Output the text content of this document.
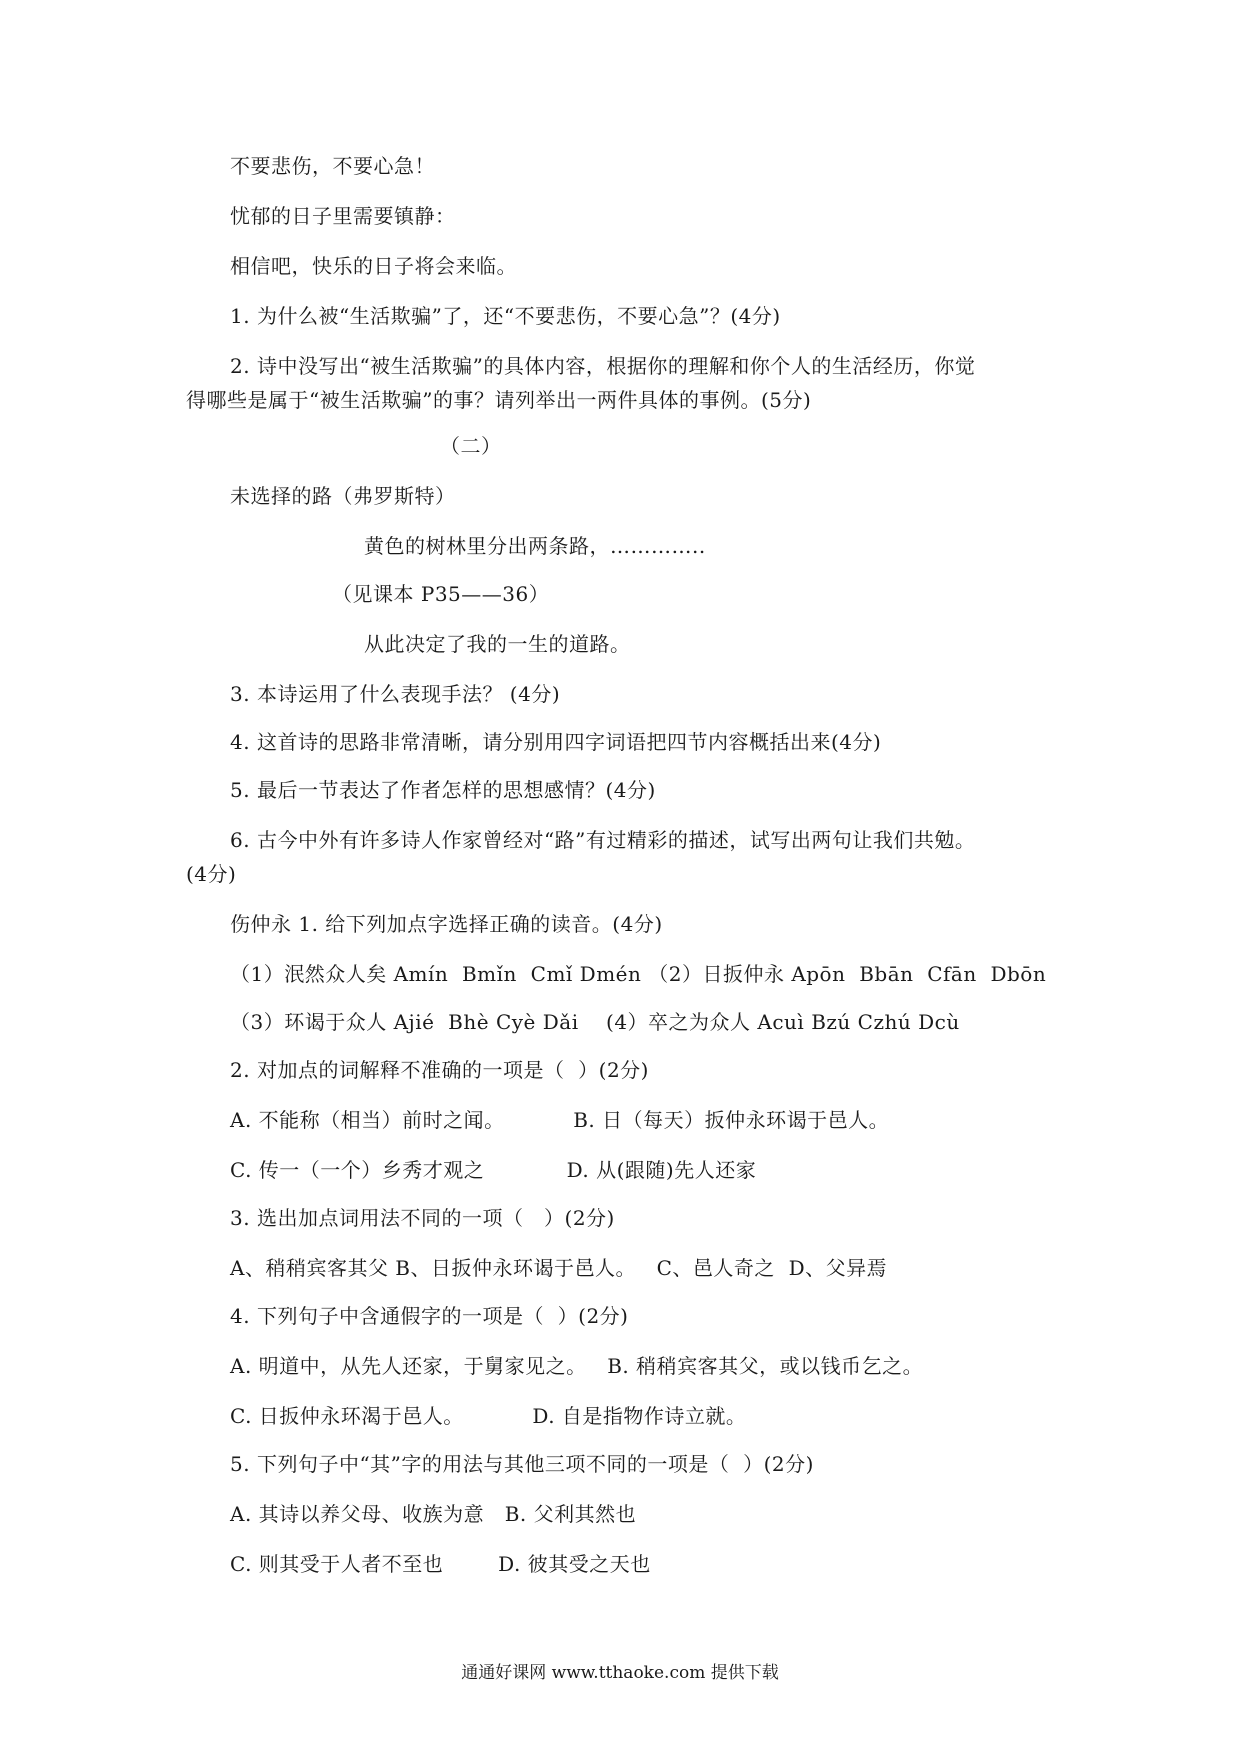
不要悲伤，不要心急！
忧郁的日子里需要镇静：
相信吧，快乐的日子将会来临。
1. 为什么被“生活欺骗”了，还“不要悲伤，不要心急”？(4分)
2. 诗中没写出“被生活欺骗”的具体内容，根据你的理解和你个人的生活经历，你觉
得哪些是属于“被生活欺骗”的事？请列举出一两件具体的事例。(5分)
（二）
未选择的路（弗罗斯特）
黄色的树林里分出两条路，…………..
（见课本 P35——36）
从此决定了我的一生的道路。
3. 本诗运用了什么表现手法？ (4分)
4. 这首诗的思路非常清晰，请分别用四字词语把四节内容概括出来(4分)
5. 最后一节表达了作者怎样的思想感情？(4分)
6. 古今中外有许多诗人作家曾经对“路”有过精彩的描述，试写出两句让我们共勉。
(4分)
伤仲永 1. 给下列加点字选择正确的读音。(4分)
（1）泯然众人矣 Amín  Bmǐn  Cmǐ Dmén （2）日扳仲永 Apōn  Bbān  Cfān  Dbōn
（3）环谒于众人 Ajié  Bhè Cyè Dǎi    (4）卒之为众人 Acuì Bzú Czhú Dcù
2. 对加点的词解释不准确的一项是（  ）(2分)
A. 不能称（相当）前时之闻。          B. 日（每天）扳仲永环谒于邑人。
C. 传一（一个）乡秀才观之            D. 从(跟随)先人还家
3. 选出加点词用法不同的一项（   ）(2分)
A、稍稍宾客其父 B、日扳仲永环谒于邑人。   C、邑人奇之  D、父异焉
4. 下列句子中含通假字的一项是（  ）(2分)
A. 明道中，从先人还家，于舅家见之。   B. 稍稍宾客其父，或以钱币乞之。
C. 日扳仲永环渴于邑人。          D. 自是指物作诗立就。
5. 下列句子中“其”字的用法与其他三项不同的一项是（  ）(2分)
A. 其诗以养父母、收族为意   B. 父利其然也
C. 则其受于人者不至也        D. 彼其受之天也
通通好课网 www.tthaoke.com 提供下载
